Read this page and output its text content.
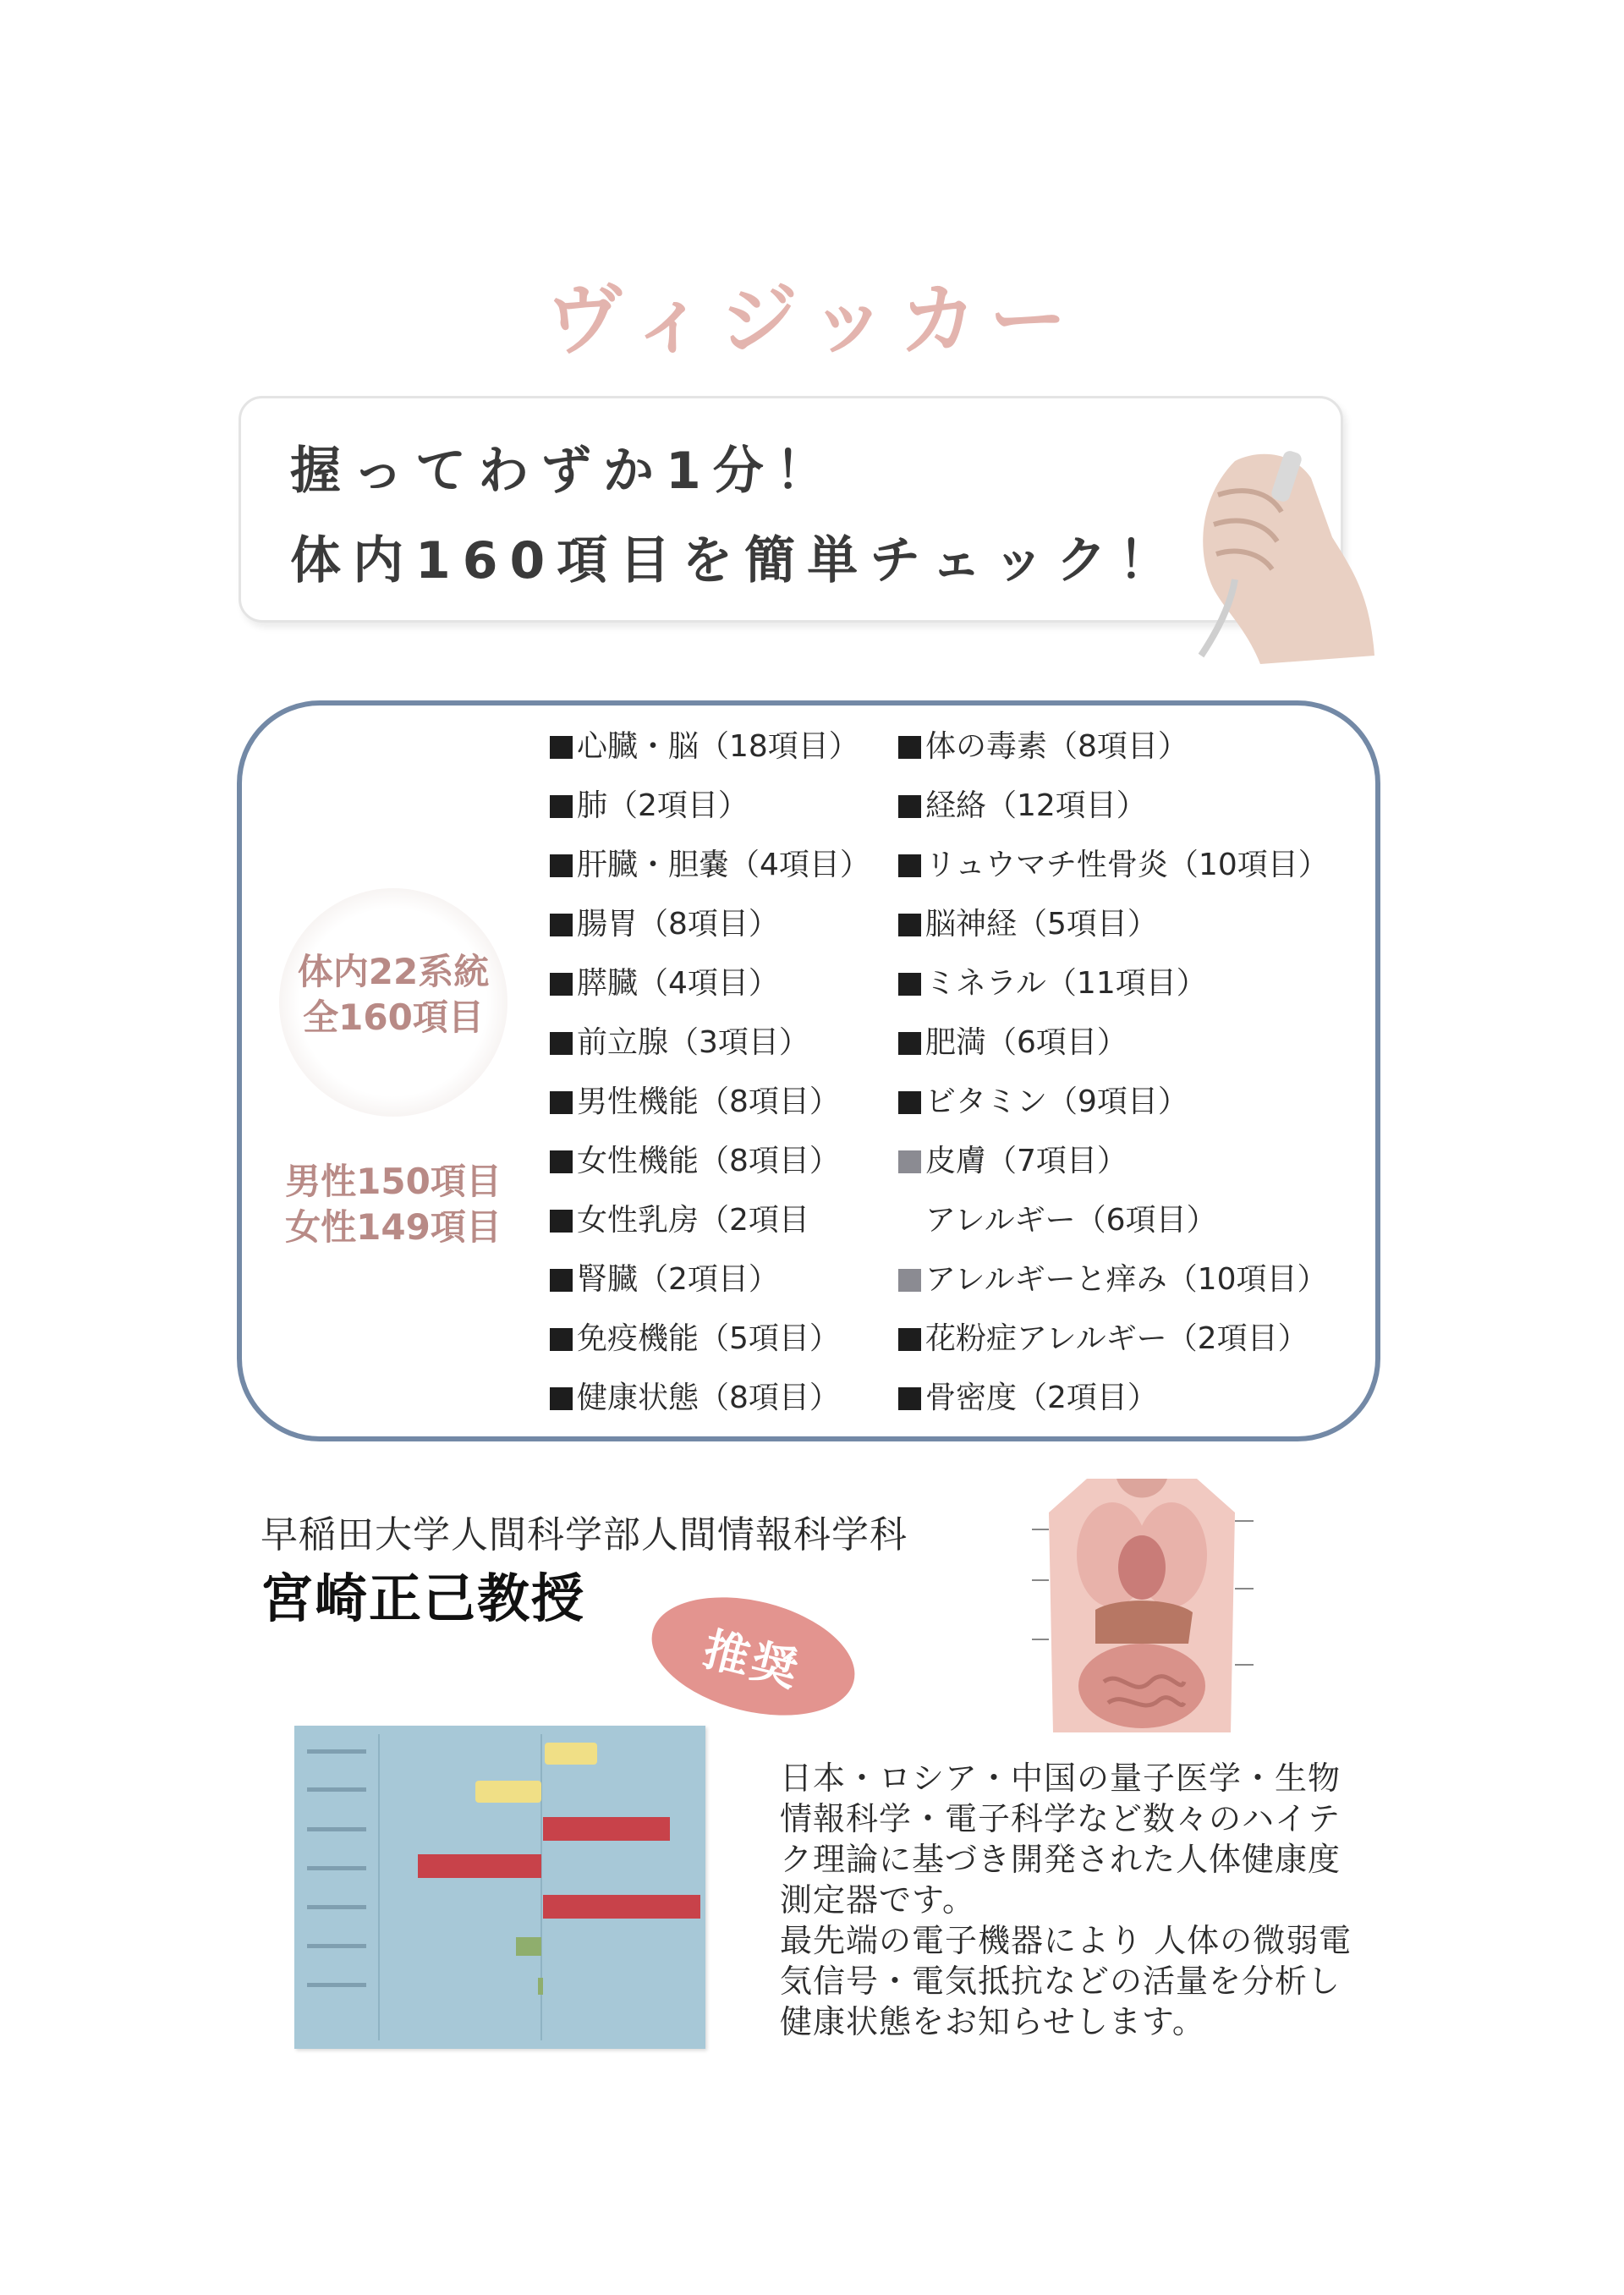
ヴィジッカー
握ってわずか1分！
体内160項目を簡単チェック！
体内22系統
全160項目
男性150項目
女性149項目
心臓・脳（18項目）
肺（2項目）
肝臓・胆嚢（4項目）
腸胃（8項目）
膵臓（4項目）
前立腺（3項目）
男性機能（8項目）
女性機能（8項目）
女性乳房（2項目
腎臓（2項目）
免疫機能（5項目）
健康状態（8項目）
体の毒素（8項目）
経絡（12項目）
リュウマチ性骨炎（10項目）
脳神経（5項目）
ミネラル（11項目）
肥満（6項目）
ビタミン（9項目）
皮膚（7項目）
アレルギー（6項目）
アレルギーと痒み（10項目）
花粉症アレルギー（2項目）
骨密度（2項目）
早稲田大学人間科学部人間情報科学科
宮崎正己教授
推奨
日本・ロシア・中国の量子医学・生物
情報科学・電子科学など数々のハイテ
ク理論に基づき開発された人体健康度
測定器です。
最先端の電子機器により 人体の微弱電
気信号・電気抵抗などの活量を分析し
健康状態をお知らせします。
